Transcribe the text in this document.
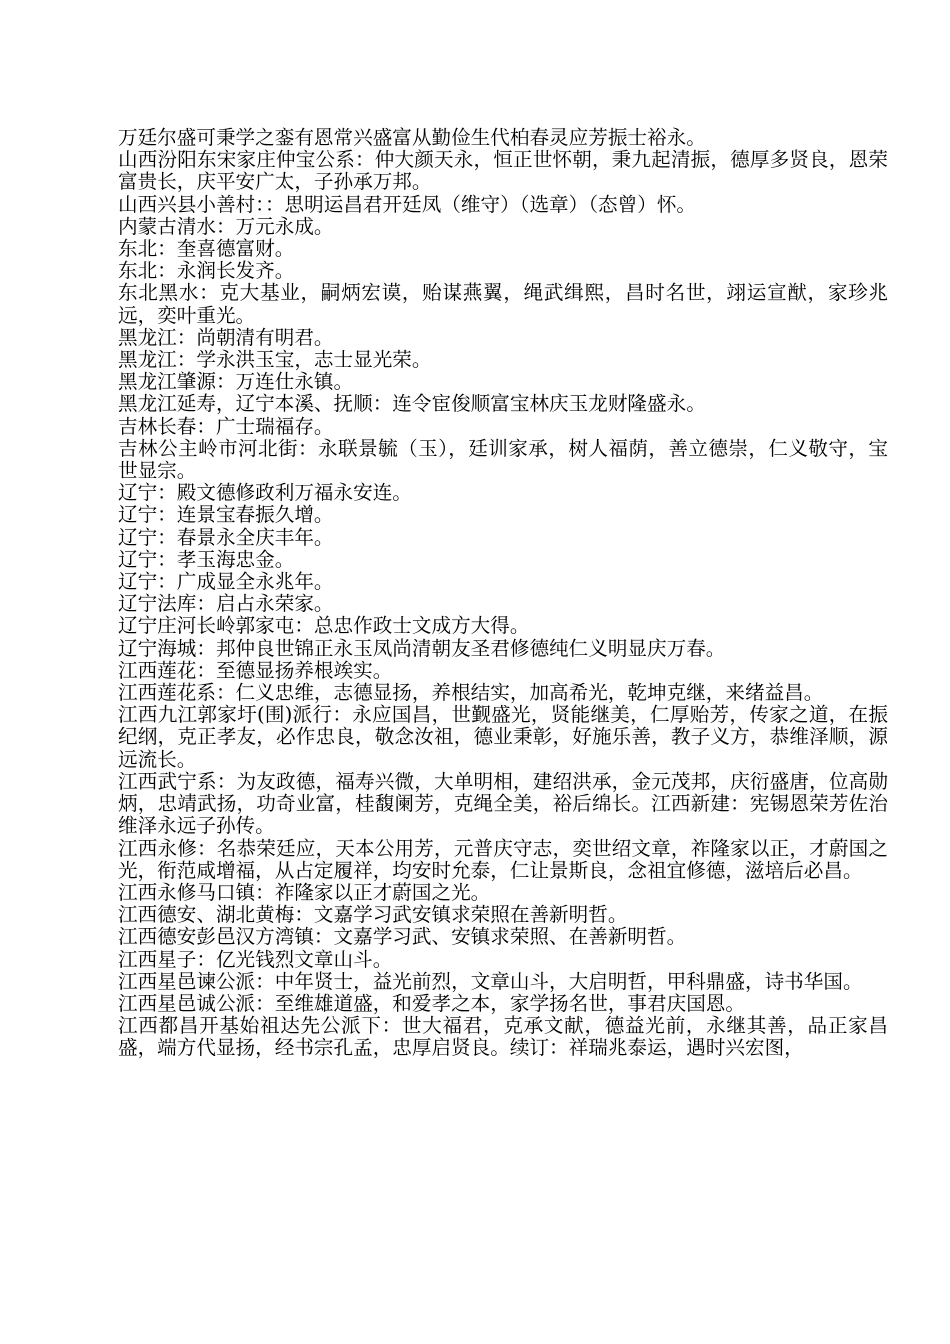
万廷尔盛可秉学之銮有恩常兴盛富从勤俭生代柏春灵应芳振士裕永。

山西汾阳东宋家庄仲宝公系：仲大颜天永，恒正世怀朝，秉九起清振，德厚多贤良，恩荣富贵长，庆平安广太，子孙承万邦。

山西兴县小善村：：思明运昌君开廷凤（维守）（选章）（态曾）怀。

内蒙古清水：万元永成。

东北：奎喜德富财。

东北：永润长发齐。

东北黑水：克大基业，嗣炳宏谟，贻谋燕翼，绳武缉熙，昌时名世，翊运宣猷，家珍兆远，奕叶重光。

黑龙江：尚朝清有明君。

黑龙江：学永洪玉宝，志士显光荣。

黑龙江肇源：万连仕永镇。

黑龙江延寿，辽宁本溪、抚顺：连令宦俊顺富宝林庆玉龙财隆盛永。

吉林长春：广士瑞福存。

吉林公主岭市河北街：永联景毓（玉），廷训家承，树人福荫，善立德崇，仁义敬守，宝世显宗。

辽宁：殿文德修政利万福永安连。

辽宁：连景宝春振久增。

辽宁：春景永全庆丰年。

辽宁：孝玉海忠金。

辽宁：广成显全永兆年。

辽宁法库：启占永荣家。

辽宁庄河长岭郭家屯：总忠作政士文成方大得。

辽宁海城：邦仲良世锦正永玉凤尚清朝友圣君修德纯仁义明显庆万春。

江西莲花：至德显扬养根竢实。

江西莲花系：仁义忠维，志德显扬，养根结实，加高希光，乾坤克继，来绪益昌。

江西九江郭家圩(围)派行：永应国昌，世觐盛光，贤能继美，仁厚贻芳，传家之道，在振纪纲，克正孝友，必作忠良，敬念汝祖，德业秉彰，好施乐善，教子义方，恭维泽顺，源远流长。

江西武宁系：为友政德，福寿兴微，大单明相，建绍洪承，金元茂邦，庆衍盛唐，位高勋炳，忠靖武扬，功奇业富，桂馥阑芳，克绳全美，裕后绵长。江西新建：宪锡恩荣芳佐治维泽永远子孙传。

江西永修：名恭荣廷应，天本公用芳，元普庆守志，奕世绍文章，祚隆家以正，才蔚国之光，衔范咸增福，从占定履祥，均安时允泰，仁让景斯良，念祖宜修德，滋培后必昌。

江西永修马口镇：祚隆家以正才蔚国之光。

江西德安、湖北黄梅：文嘉学习武安镇求荣照在善新明哲。

江西德安彭邑汉方湾镇：文嘉学习武、安镇求荣照、在善新明哲。

江西星子：亿光钱烈文章山斗。

江西星邑谏公派：中年贤士，益光前烈，文章山斗，大启明哲，甲科鼎盛，诗书华国。

江西星邑诚公派：至维雄道盛，和爱孝之本，家学扬名世，事君庆国恩。

江西都昌开基始祖达先公派下：世大福君，克承文献，德益光前，永继其善，品正家昌盛，端方代显扬，经书宗孔孟，忠厚启贤良。续订：祥瑞兆泰运，遇时兴宏图，
